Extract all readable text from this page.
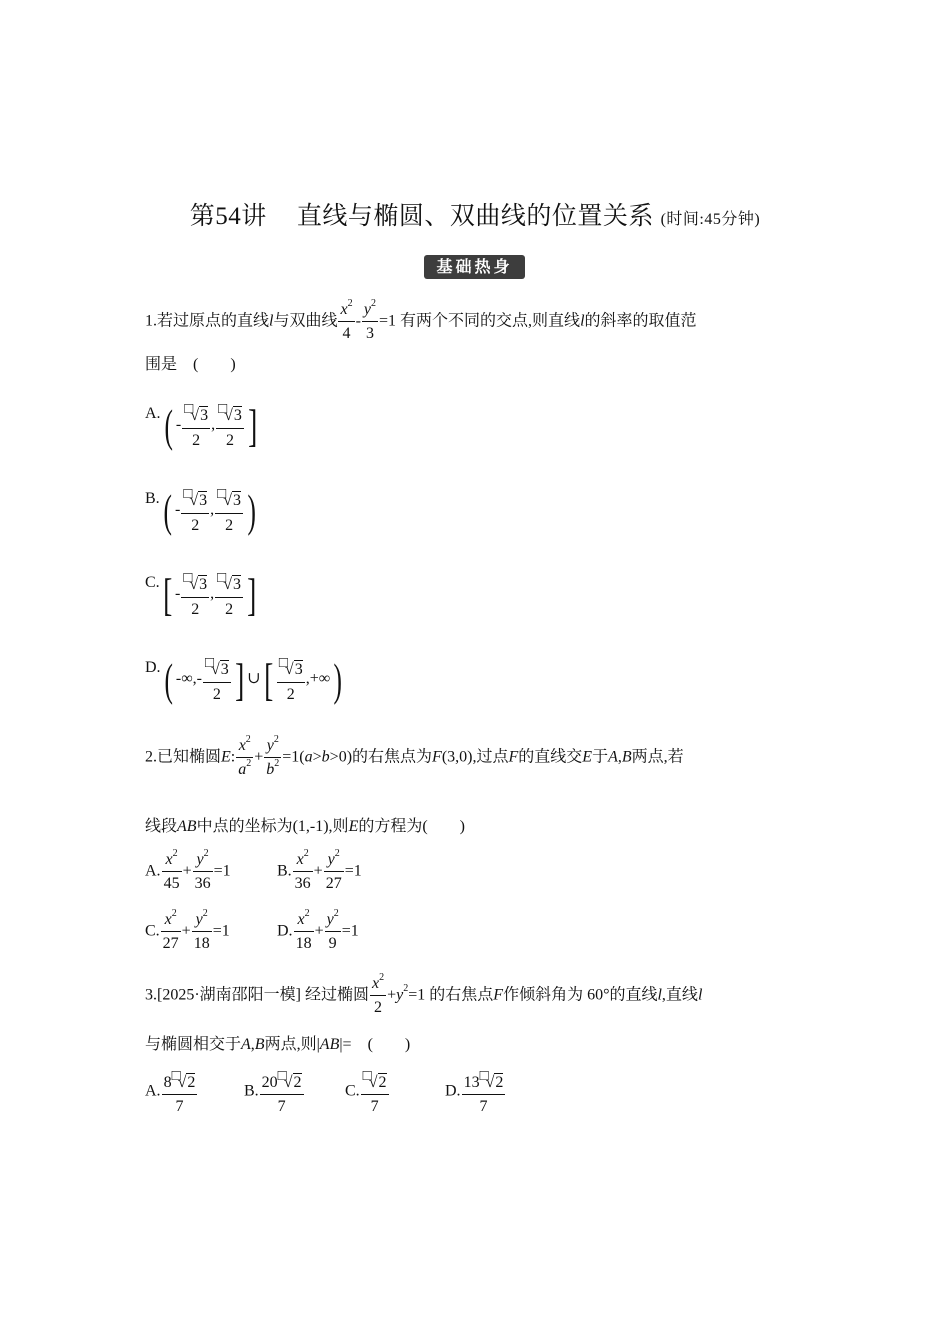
第54讲 直线与椭圆、双曲线的位置关系 (时间:45分钟)
基础热身
1.若过原点的直线l与双曲线 $\frac{x^2}{4} - \frac{y^2}{3} =1$ 有两个不同的交点,则直线l的斜率的取值范
围是　(　　)
$A.( - \frac{□√3}{2}$ , $\frac{□√3}{2}$ ]
$B.( - \frac{□√3}{2}$ , $\frac{□√3}{2}$ )
$C.[ - \frac{□√3}{2}$ , $\frac{□√3}{2}$ ]
D.( -∞,- $\frac{□√3}{2}$ ] ∪[ $\frac{□√3}{2}$ ,+∞)
2.已知椭圆E: $\frac{x^2}{a^2} + \frac{y^2}{b^2} =1(a>b>0)$的右焦点为F(3,0),过点F的直线交E于A,B两点,若
线段AB中点的坐标为(1,-1),则E的方程为(　　)
A. $\frac{x^2}{45} + \frac{y^2}{36} =1$	B. $\frac{x^2}{36} + \frac{y^2}{27} =1$
C. $\frac{x^2}{27} + \frac{y^2}{18} =1$	D. $\frac{x^2}{18} + \frac{y^2}{9} =1$
3.[2025·湖南邵阳一模] 经过椭圆 $\frac{x^2}{2} +y^2=1$ 的右焦点F作倾斜角为 60°的直线l,直线l
与椭圆相交于A,B两点,则|AB|=　(　　)
A. $\frac{8□√2}{7}$	B. $\frac{20□√2}{7}$	C. $\frac{□√2}{7}$	D. $\frac{13□√2}{7}$
